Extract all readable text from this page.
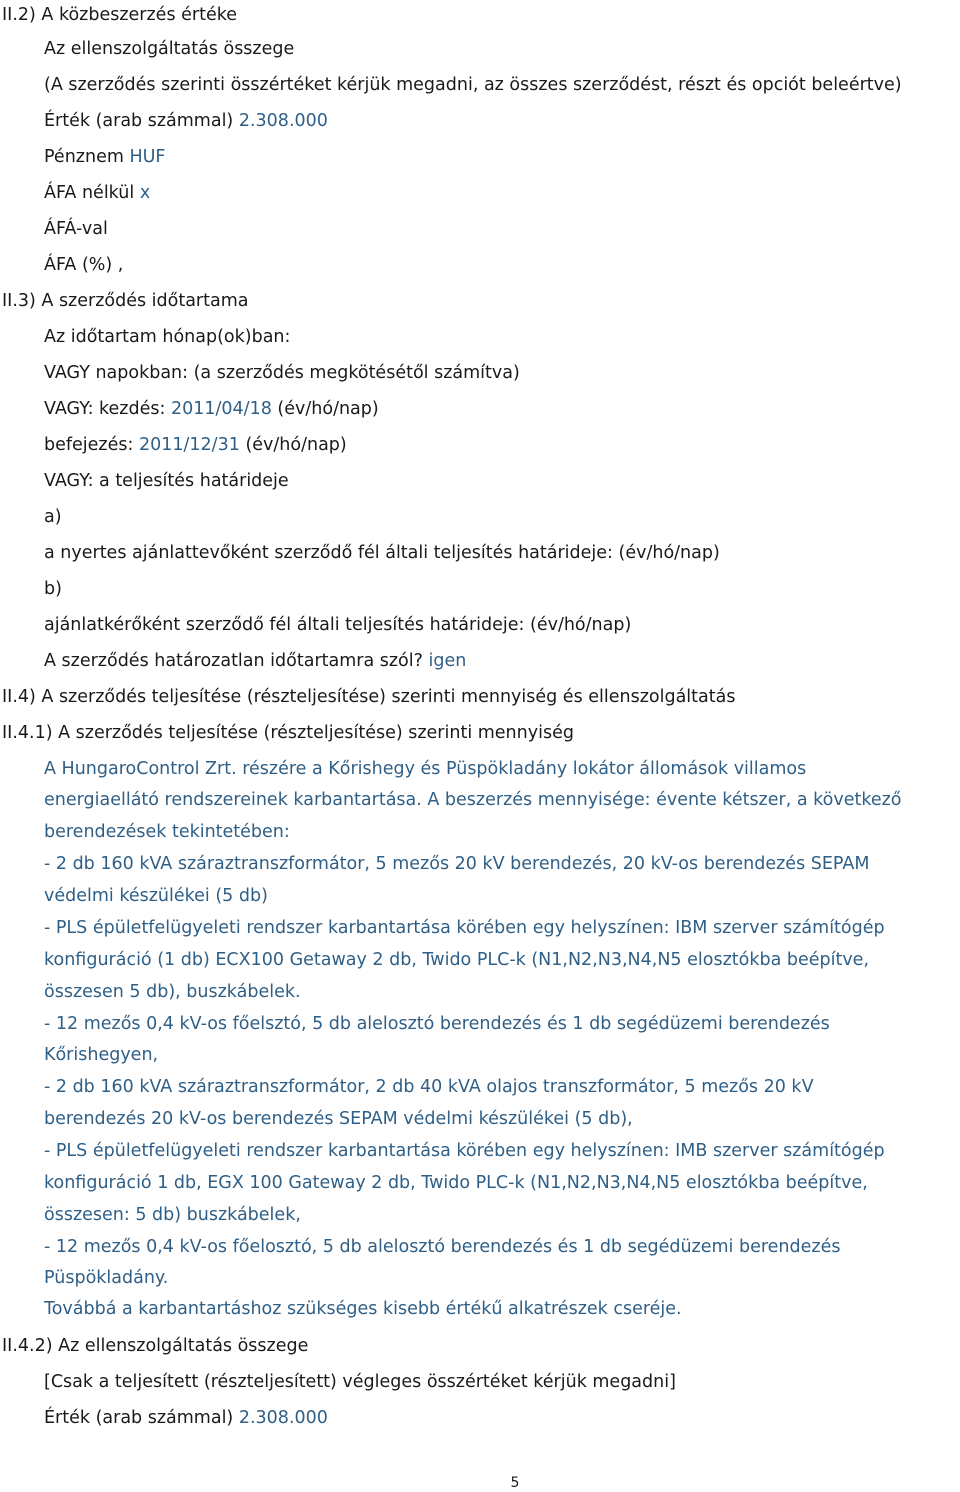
II.2) A közbeszerzés értéke
Az ellenszolgáltatás összege
(A szerződés szerinti összértéket kérjük megadni, az összes szerződést, részt és opciót beleértve)
Érték (arab számmal) 2.308.000
Pénznem HUF
ÁFA nélkül x
ÁFÁ-val
ÁFA (%) ,
II.3) A szerződés időtartama
Az időtartam hónap(ok)ban:
VAGY napokban: (a szerződés megkötésétől számítva)
VAGY: kezdés: 2011/04/18 (év/hó/nap)
befejezés: 2011/12/31 (év/hó/nap)
VAGY: a teljesítés határideje
a)
a nyertes ajánlattevőként szerződő fél általi teljesítés határideje: (év/hó/nap)
b)
ajánlatkérőként szerződő fél általi teljesítés határideje: (év/hó/nap)
A szerződés határozatlan időtartamra szól? igen
II.4) A szerződés teljesítése (részteljesítése) szerinti mennyiség és ellenszolgáltatás
II.4.1) A szerződés teljesítése (részteljesítése) szerinti mennyiség
A HungaroControl Zrt. részére a Kőrishegy és Püspökladány lokátor állomások villamos
energiaellátó rendszereinek karbantartása. A beszerzés mennyisége: évente kétszer, a következő
berendezések tekintetében:
- 2 db 160 kVA száraztranszformátor, 5 mezős 20 kV berendezés, 20 kV-os berendezés SEPAM
védelmi készülékei (5 db)
- PLS épületfelügyeleti rendszer karbantartása körében egy helyszínen: IBM szerver számítógép
konfiguráció (1 db) ECX100 Getaway 2 db, Twido PLC-k (N1,N2,N3,N4,N5 elosztókba beépítve,
összesen 5 db), buszkábelek.
- 12 mezős 0,4 kV-os főelsztó, 5 db alelosztó berendezés és 1 db segédüzemi berendezés
Kőrishegyen,
- 2 db 160 kVA száraztranszformátor, 2 db 40 kVA olajos transzformátor, 5 mezős 20 kV
berendezés 20 kV-os berendezés SEPAM védelmi készülékei (5 db),
- PLS épületfelügyeleti rendszer karbantartása körében egy helyszínen: IMB szerver számítógép
konfiguráció 1 db, EGX 100 Gateway 2 db, Twido PLC-k (N1,N2,N3,N4,N5 elosztókba beépítve,
összesen: 5 db) buszkábelek,
- 12 mezős 0,4 kV-os főelosztó, 5 db alelosztó berendezés és 1 db segédüzemi berendezés
Püspökladány.
Továbbá a karbantartáshoz szükséges kisebb értékű alkatrészek cseréje.
II.4.2) Az ellenszolgáltatás összege
[Csak a teljesített (részteljesített) végleges összértéket kérjük megadni]
Érték (arab számmal) 2.308.000
5
